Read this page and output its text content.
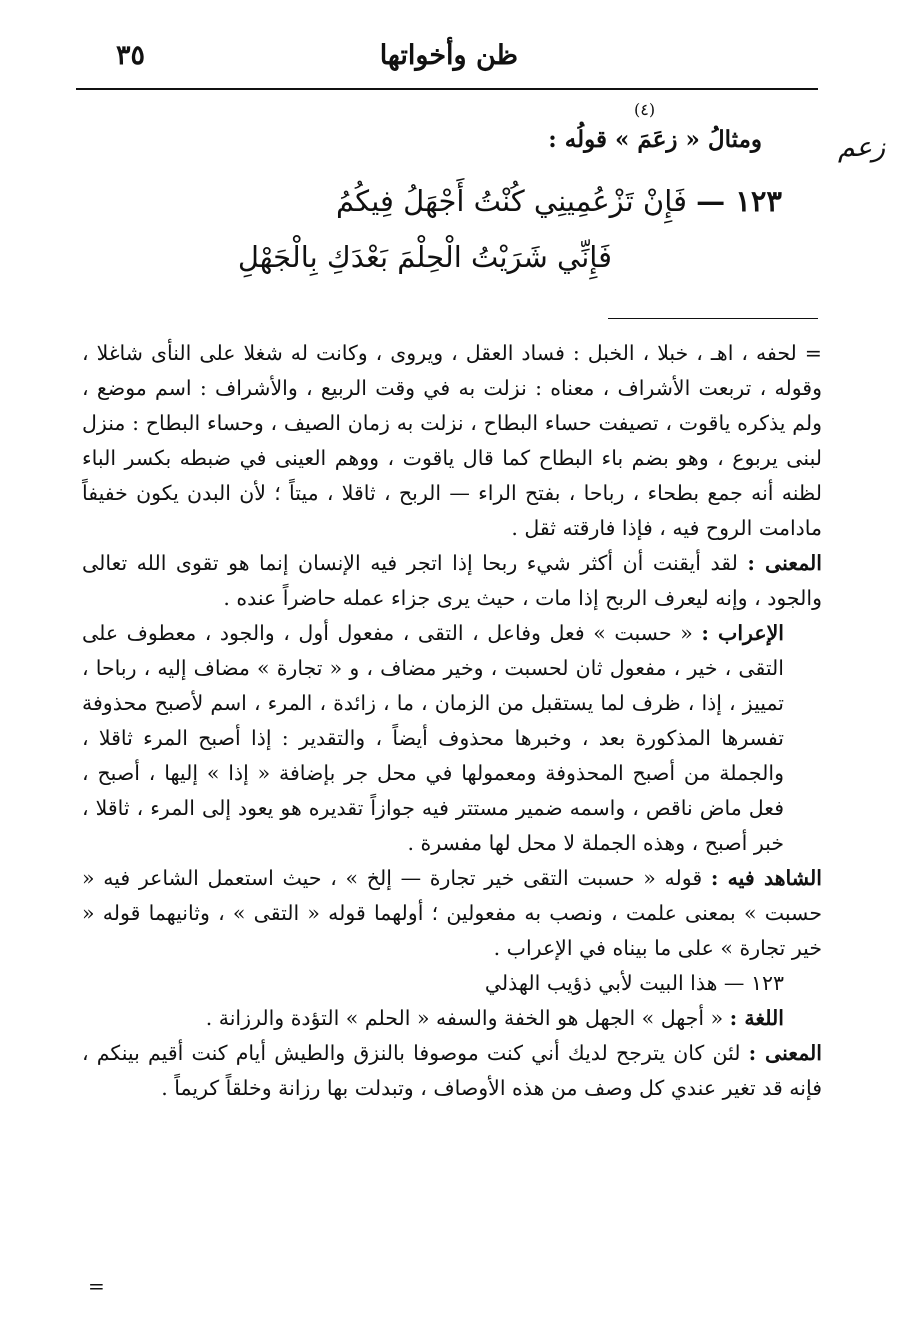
ظن وأخواتها
٣٥
زعم
(٤)
ومثالُ « زعَمَ » قولُه :
١٢٣ — فَإِنْ تَزْعُمِينِي كُنْتُ أَجْهَلُ فِيكُمُ
فَإِنِّي شَرَيْتُ الْحِلْمَ بَعْدَكِ بِالْجَهْلِ

= لحفه ، اهـ ، خبلا ، الخبل : فساد العقل ، ويروى ، وكانت له شغلا على النأى شاغلا ، وقوله ، تربعت الأشراف ، معناه : نزلت به في وقت الربيع ، والأشراف : اسم موضع ، ولم يذكره ياقوت ، تصيفت حساء البطاح ، نزلت به زمان الصيف ، وحساء البطاح : منزل لبنى يربوع ، وهو بضم باء البطاح كما قال ياقوت ، ووهم العينى في ضبطه بكسر الباء لظنه أنه جمع بطحاء ، رباحا ، بفتح الراء — الربح ، ثاقلا ، ميتاً ؛ لأن البدن يكون خفيفاً مادامت الروح فيه ، فإذا فارقته ثقل .

المعنى : لقد أيقنت أن أكثر شيء ربحا إذا اتجر فيه الإنسان إنما هو تقوى الله تعالى والجود ، وإنه ليعرف الربح إذا مات ، حيث يرى جزاء عمله حاضراً عنده .

الإعراب : « حسبت » فعل وفاعل ، التقى ، مفعول أول ، والجود ، معطوف على التقى ، خير ، مفعول ثان لحسبت ، وخير مضاف ، و « تجارة » مضاف إليه ، رباحا ، تمييز ، إذا ، ظرف لما يستقبل من الزمان ، ما ، زائدة ، المرء ، اسم لأصبح محذوفة تفسرها المذكورة بعد ، وخبرها محذوف أيضاً ، والتقدير : إذا أصبح المرء ثاقلا ، والجملة من أصبح المحذوفة ومعمولها في محل جر بإضافة « إذا » إليها ، أصبح ، فعل ماض ناقص ، واسمه ضمير مستتر فيه جوازاً تقديره هو يعود إلى المرء ، ثاقلا ، خبر أصبح ، وهذه الجملة لا محل لها مفسرة .

الشاهد فيه : قوله « حسبت التقى خير تجارة — إلخ » ، حيث استعمل الشاعر فيه « حسبت » بمعنى علمت ، ونصب به مفعولين ؛ أولهما قوله « التقى » ، وثانيهما قوله « خير تجارة » على ما بيناه في الإعراب .

١٢٣ — هذا البيت لأبي ذؤيب الهذلي

اللغة : « أجهل » الجهل هو الخفة والسفه « الحلم » التؤدة والرزانة .

المعنى : لئن كان يترجح لديك أني كنت موصوفا بالنزق والطيش أيام كنت أقيم بينكم ، فإنه قد تغير عندي كل وصف من هذه الأوصاف ، وتبدلت بها رزانة وخلقاً كريماً .

=
